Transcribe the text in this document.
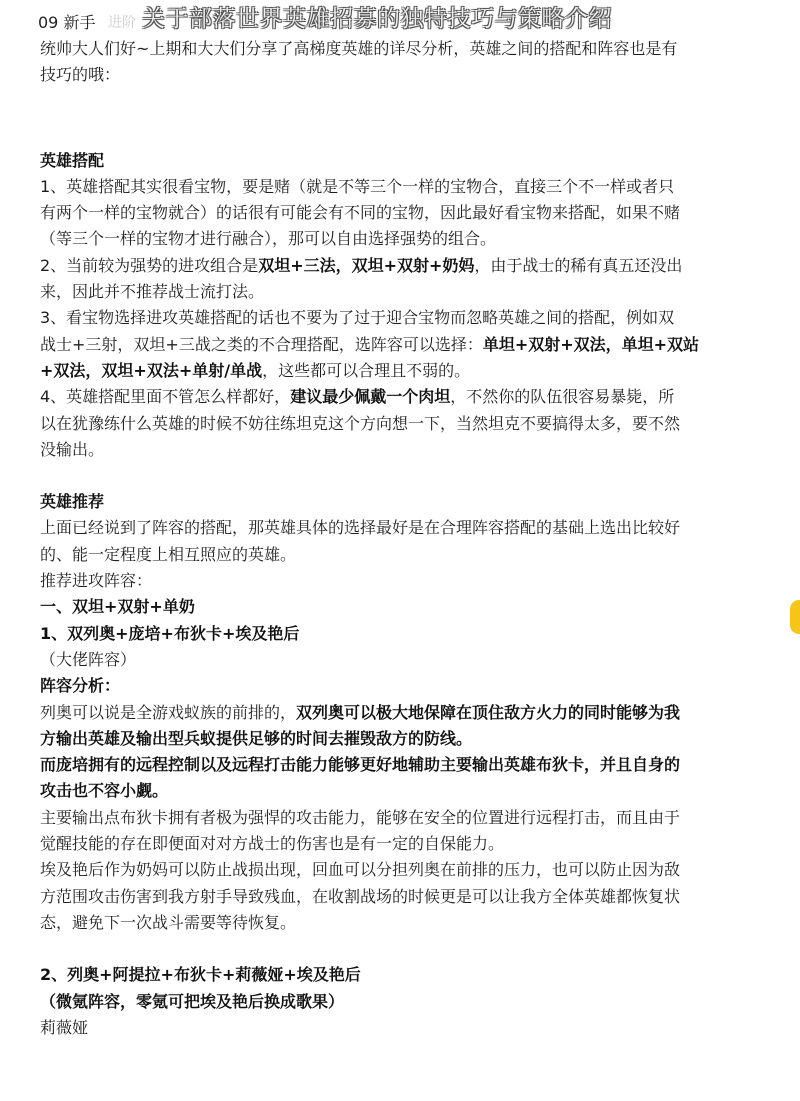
09 新手 进阶 关于部落世界英雄招募的独特技巧与策略介绍
统帅大人们好~上期和大大们分享了高梯度英雄的详尽分析，英雄之间的搭配和阵容也是有
技巧的哦：
英雄搭配
1、英雄搭配其实很看宝物，要是赌（就是不等三个一样的宝物合，直接三个不一样或者只
有两个一样的宝物就合）的话很有可能会有不同的宝物，因此最好看宝物来搭配，如果不赌
（等三个一样的宝物才进行融合），那可以自由选择强势的组合。
2、当前较为强势的进攻组合是双坦+三法，双坦+双射+奶妈，由于战士的稀有真五还没出
来，因此并不推荐战士流打法。
3、看宝物选择进攻英雄搭配的话也不要为了过于迎合宝物而忽略英雄之间的搭配，例如双
战士+三射，双坦+三战之类的不合理搭配，选阵容可以选择：单坦+双射+双法，单坦+双站
+双法，双坦+双法+单射/单战，这些都可以合理且不弱的。
4、英雄搭配里面不管怎么样都好，建议最少佩戴一个肉坦，不然你的队伍很容易暴毙，所
以在犹豫练什么英雄的时候不妨往练坦克这个方向想一下，当然坦克不要搞得太多，要不然
没输出。
英雄推荐
上面已经说到了阵容的搭配，那英雄具体的选择最好是在合理阵容搭配的基础上选出比较好
的、能一定程度上相互照应的英雄。
推荐进攻阵容：
一、双坦+双射+单奶
1、双列奥+庞培+布狄卡+埃及艳后
（大佬阵容）
阵容分析：
列奥可以说是全游戏蚁族的前排的，双列奥可以极大地保障在顶住敌方火力的同时能够为我
方输出英雄及输出型兵蚁提供足够的时间去摧毁敌方的防线。
而庞培拥有的远程控制以及远程打击能力能够更好地辅助主要输出英雄布狄卡，并且自身的
攻击也不容小觑。
主要输出点布狄卡拥有者极为强悍的攻击能力，能够在安全的位置进行远程打击，而且由于
觉醒技能的存在即便面对对方战士的伤害也是有一定的自保能力。
埃及艳后作为奶妈可以防止战损出现，回血可以分担列奥在前排的压力，也可以防止因为敌
方范围攻击伤害到我方射手导致残血，在收割战场的时候更是可以让我方全体英雄都恢复状
态，避免下一次战斗需要等待恢复。
2、列奥+阿提拉+布狄卡+莉薇娅+埃及艳后
（微氪阵容，零氪可把埃及艳后换成歌果）
莉薇娅
